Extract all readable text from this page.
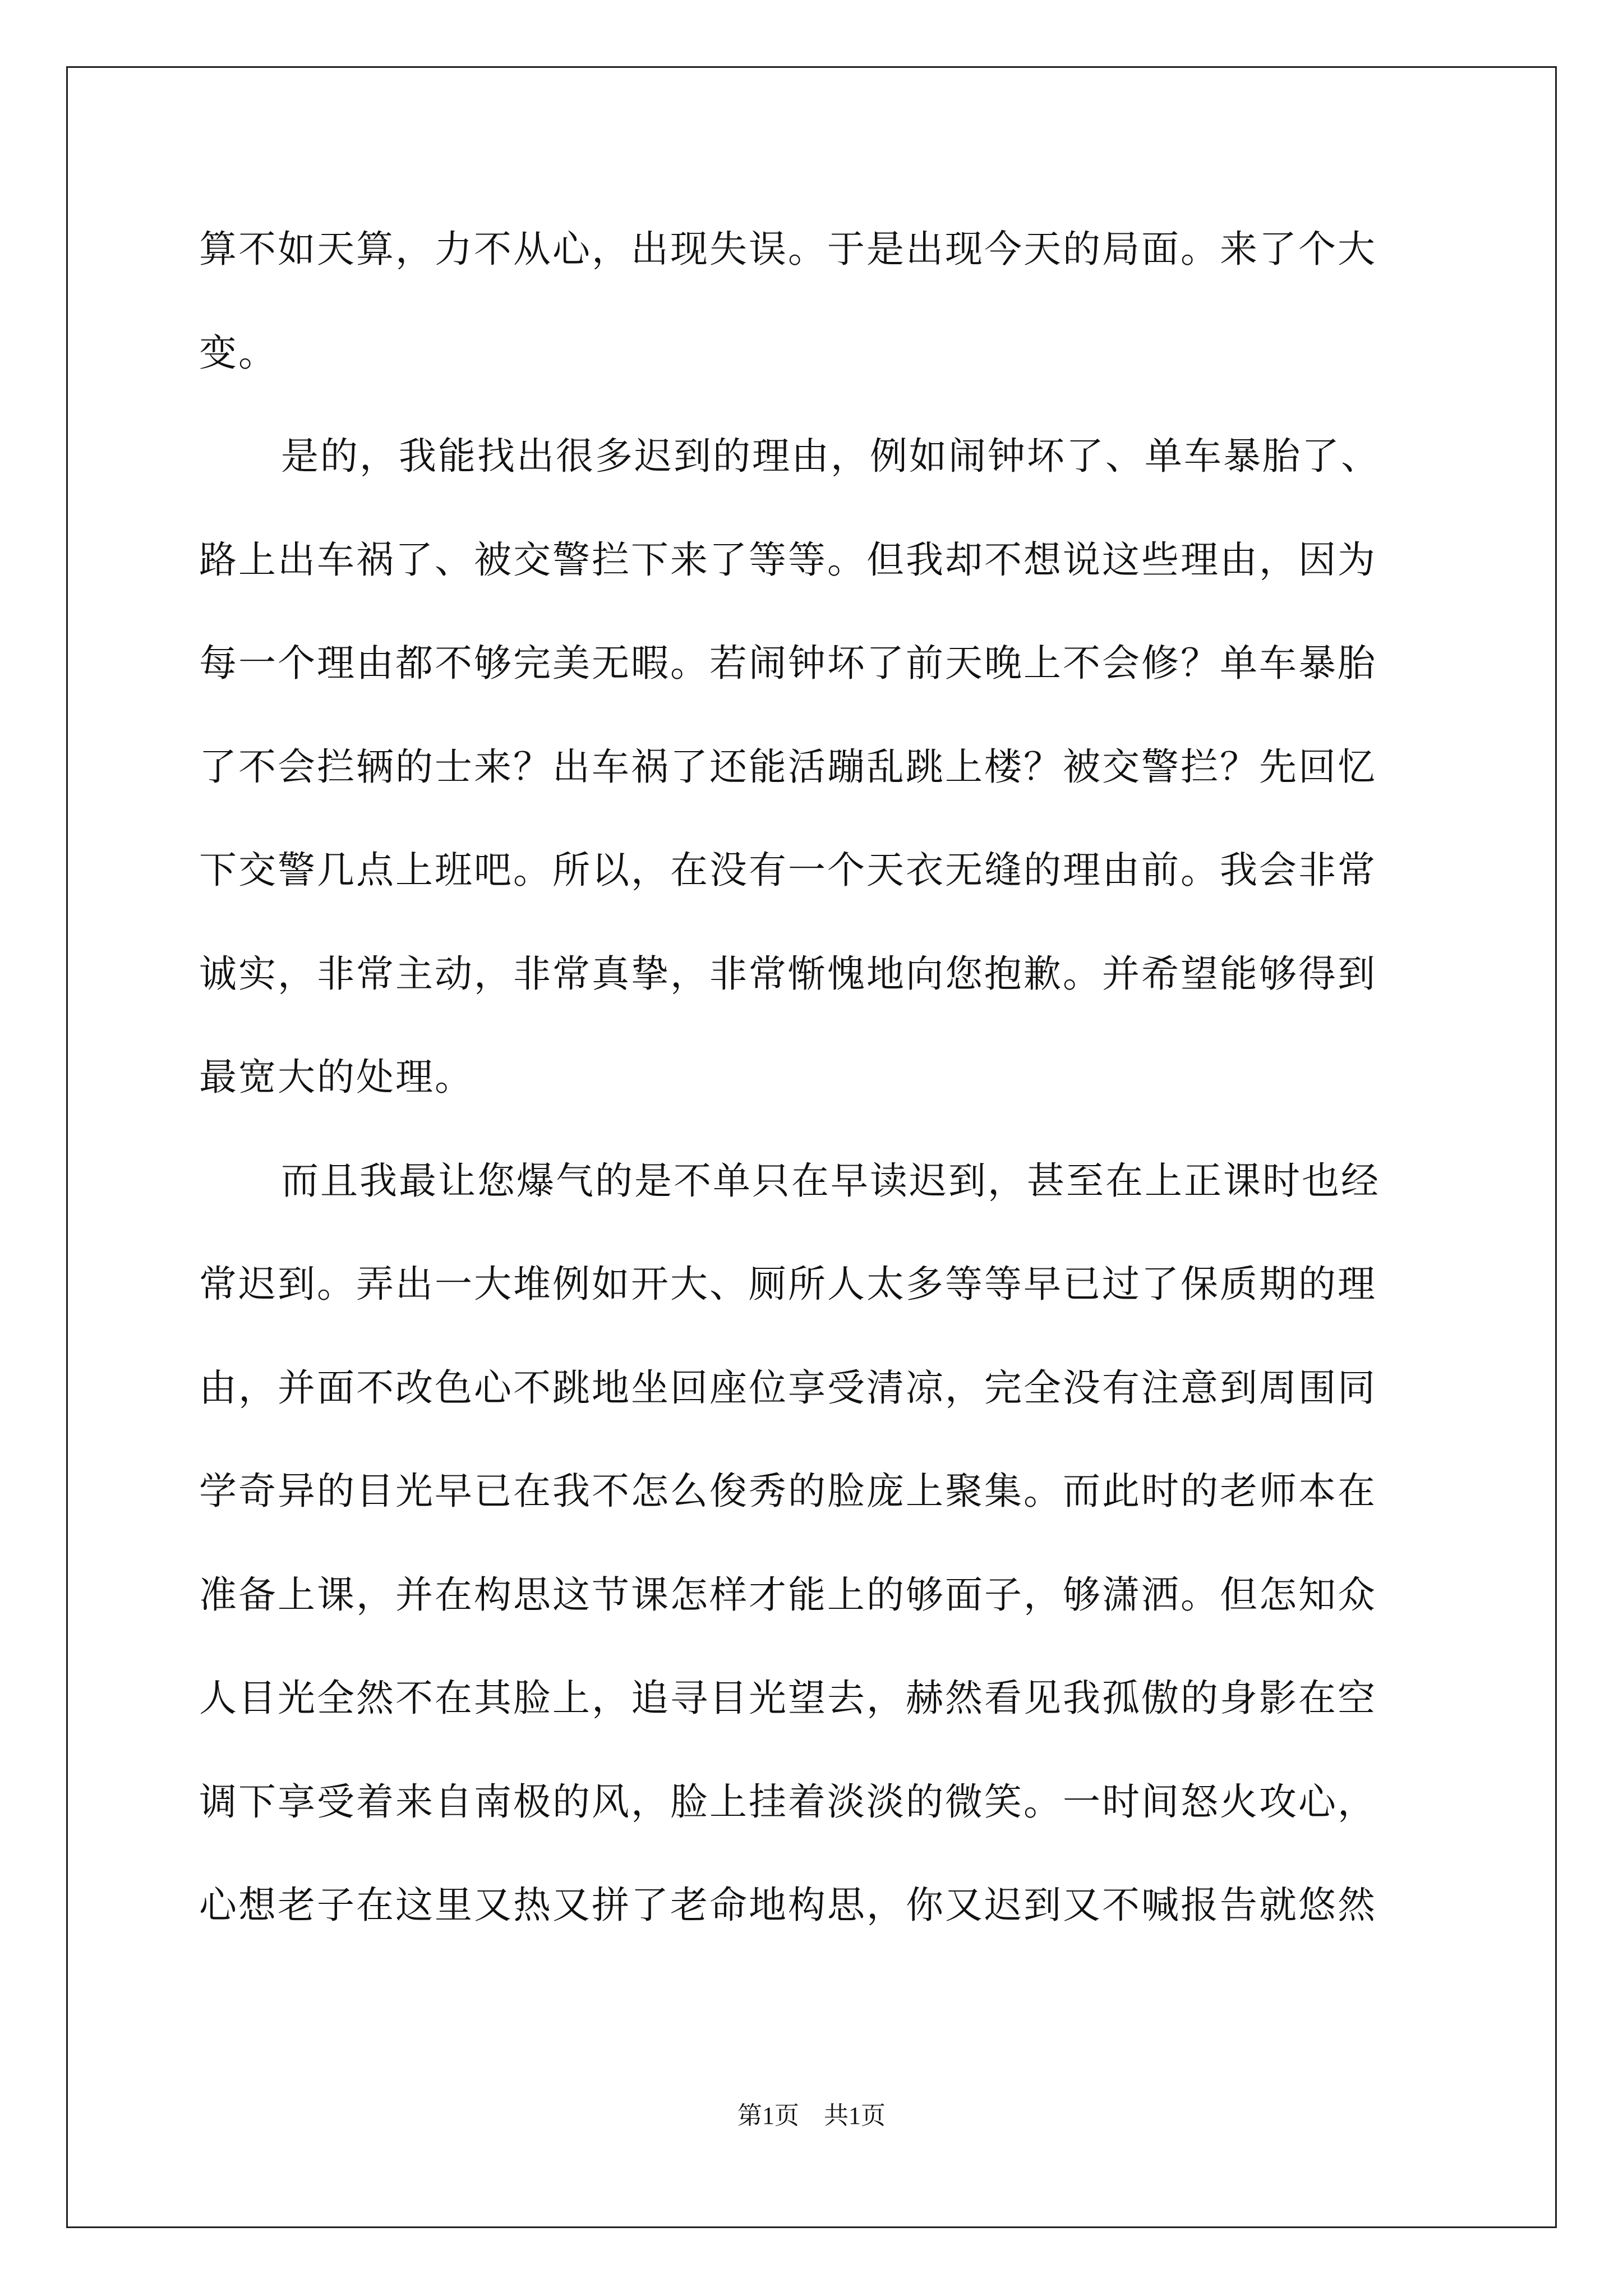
算不如天算，力不从心，出现失误。于是出现今天的局面。来了个大
变。
是的，我能找出很多迟到的理由，例如闹钟坏了、单车暴胎了、
路上出车祸了、被交警拦下来了等等。但我却不想说这些理由，因为
每一个理由都不够完美无暇。若闹钟坏了前天晚上不会修？单车暴胎
了不会拦辆的士来？出车祸了还能活蹦乱跳上楼？被交警拦？先回忆
下交警几点上班吧。所以，在没有一个天衣无缝的理由前。我会非常
诚实，非常主动，非常真挚，非常惭愧地向您抱歉。并希望能够得到
最宽大的处理。
而且我最让您爆气的是不单只在早读迟到，甚至在上正课时也经
常迟到。弄出一大堆例如开大、厕所人太多等等早已过了保质期的理
由，并面不改色心不跳地坐回座位享受清凉，完全没有注意到周围同
学奇异的目光早已在我不怎么俊秀的脸庞上聚集。而此时的老师本在
准备上课，并在构思这节课怎样才能上的够面子，够潇洒。但怎知众
人目光全然不在其脸上，追寻目光望去，赫然看见我孤傲的身影在空
调下享受着来自南极的风，脸上挂着淡淡的微笑。一时间怒火攻心，
心想老子在这里又热又拼了老命地构思，你又迟到又不喊报告就悠然
第1页 共1页
